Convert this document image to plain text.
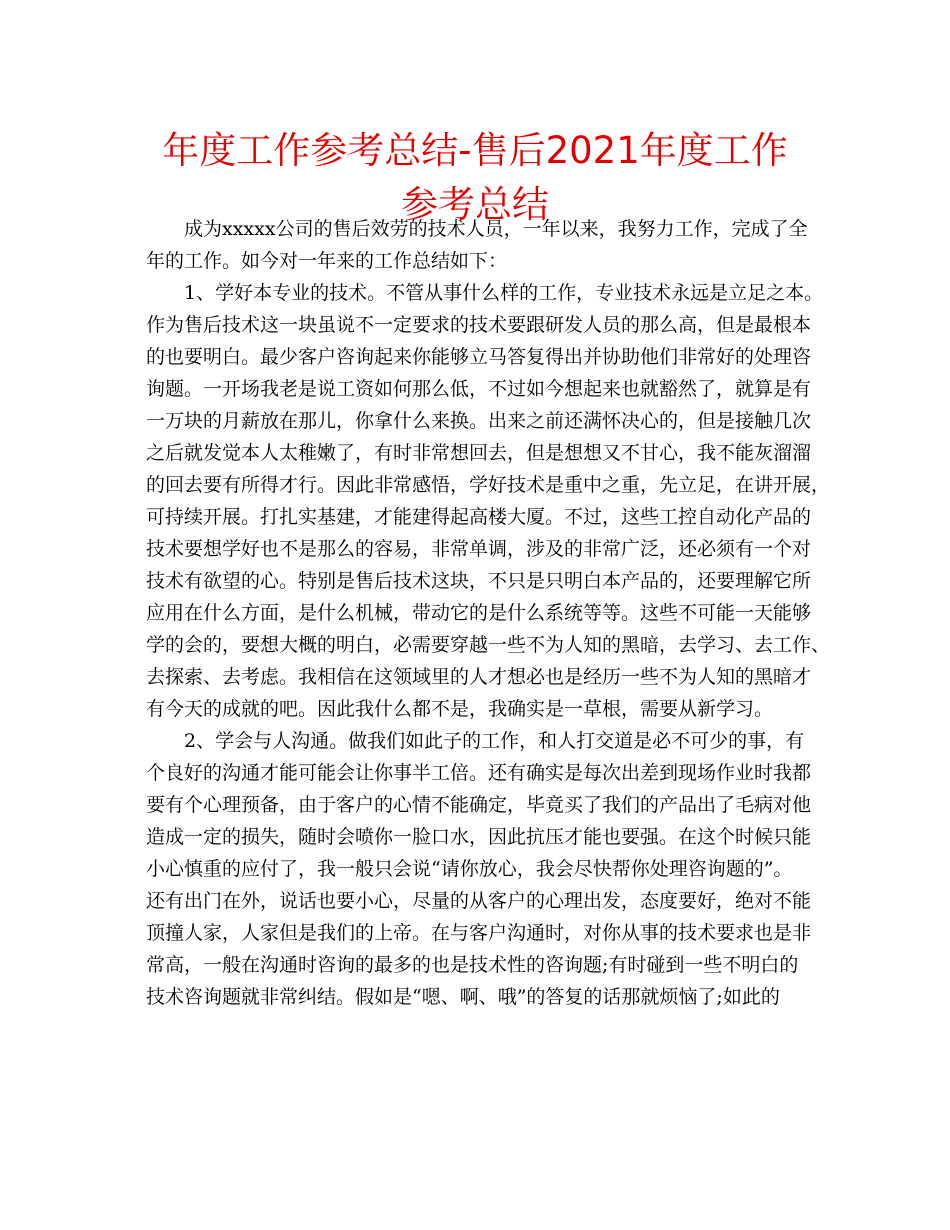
年度工作参考总结-售后2021年度工作参考总结
成为xxxxx公司的售后效劳的技术人员，一年以来，我努力工作，完成了全
年的工作。如今对一年来的工作总结如下：
1、学好本专业的技术。不管从事什么样的工作，专业技术永远是立足之本。
作为售后技术这一块虽说不一定要求的技术要跟研发人员的那么高，但是最根本
的也要明白。最少客户咨询起来你能够立马答复得出并协助他们非常好的处理咨
询题。一开场我老是说工资如何那么低，不过如今想起来也就豁然了，就算是有
一万块的月薪放在那儿，你拿什么来换。出来之前还满怀决心的，但是接触几次
之后就发觉本人太稚嫩了，有时非常想回去，但是想想又不甘心，我不能灰溜溜
的回去要有所得才行。因此非常感悟，学好技术是重中之重，先立足，在讲开展，
可持续开展。打扎实基建，才能建得起高楼大厦。不过，这些工控自动化产品的
技术要想学好也不是那么的容易，非常单调，涉及的非常广泛，还必须有一个对
技术有欲望的心。特别是售后技术这块，不只是只明白本产品的，还要理解它所
应用在什么方面，是什么机械，带动它的是什么系统等等。这些不可能一天能够
学的会的，要想大概的明白，必需要穿越一些不为人知的黑暗，去学习、去工作、
去探索、去考虑。我相信在这领域里的人才想必也是经历一些不为人知的黑暗才
有今天的成就的吧。因此我什么都不是，我确实是一草根，需要从新学习。
2、学会与人沟通。做我们如此子的工作，和人打交道是必不可少的事，有
个良好的沟通才能可能会让你事半工倍。还有确实是每次出差到现场作业时我都
要有个心理预备，由于客户的心情不能确定，毕竟买了我们的产品出了毛病对他
造成一定的损失，随时会喷你一脸口水，因此抗压才能也要强。在这个时候只能
小心慎重的应付了，我一般只会说“请你放心，我会尽快帮你处理咨询题的”。
还有出门在外，说话也要小心，尽量的从客户的心理出发，态度要好，绝对不能
顶撞人家，人家但是我们的上帝。在与客户沟通时，对你从事的技术要求也是非
常高，一般在沟通时咨询的最多的也是技术性的咨询题;有时碰到一些不明白的
技术咨询题就非常纠结。假如是“嗯、啊、哦”的答复的话那就烦恼了;如此的
